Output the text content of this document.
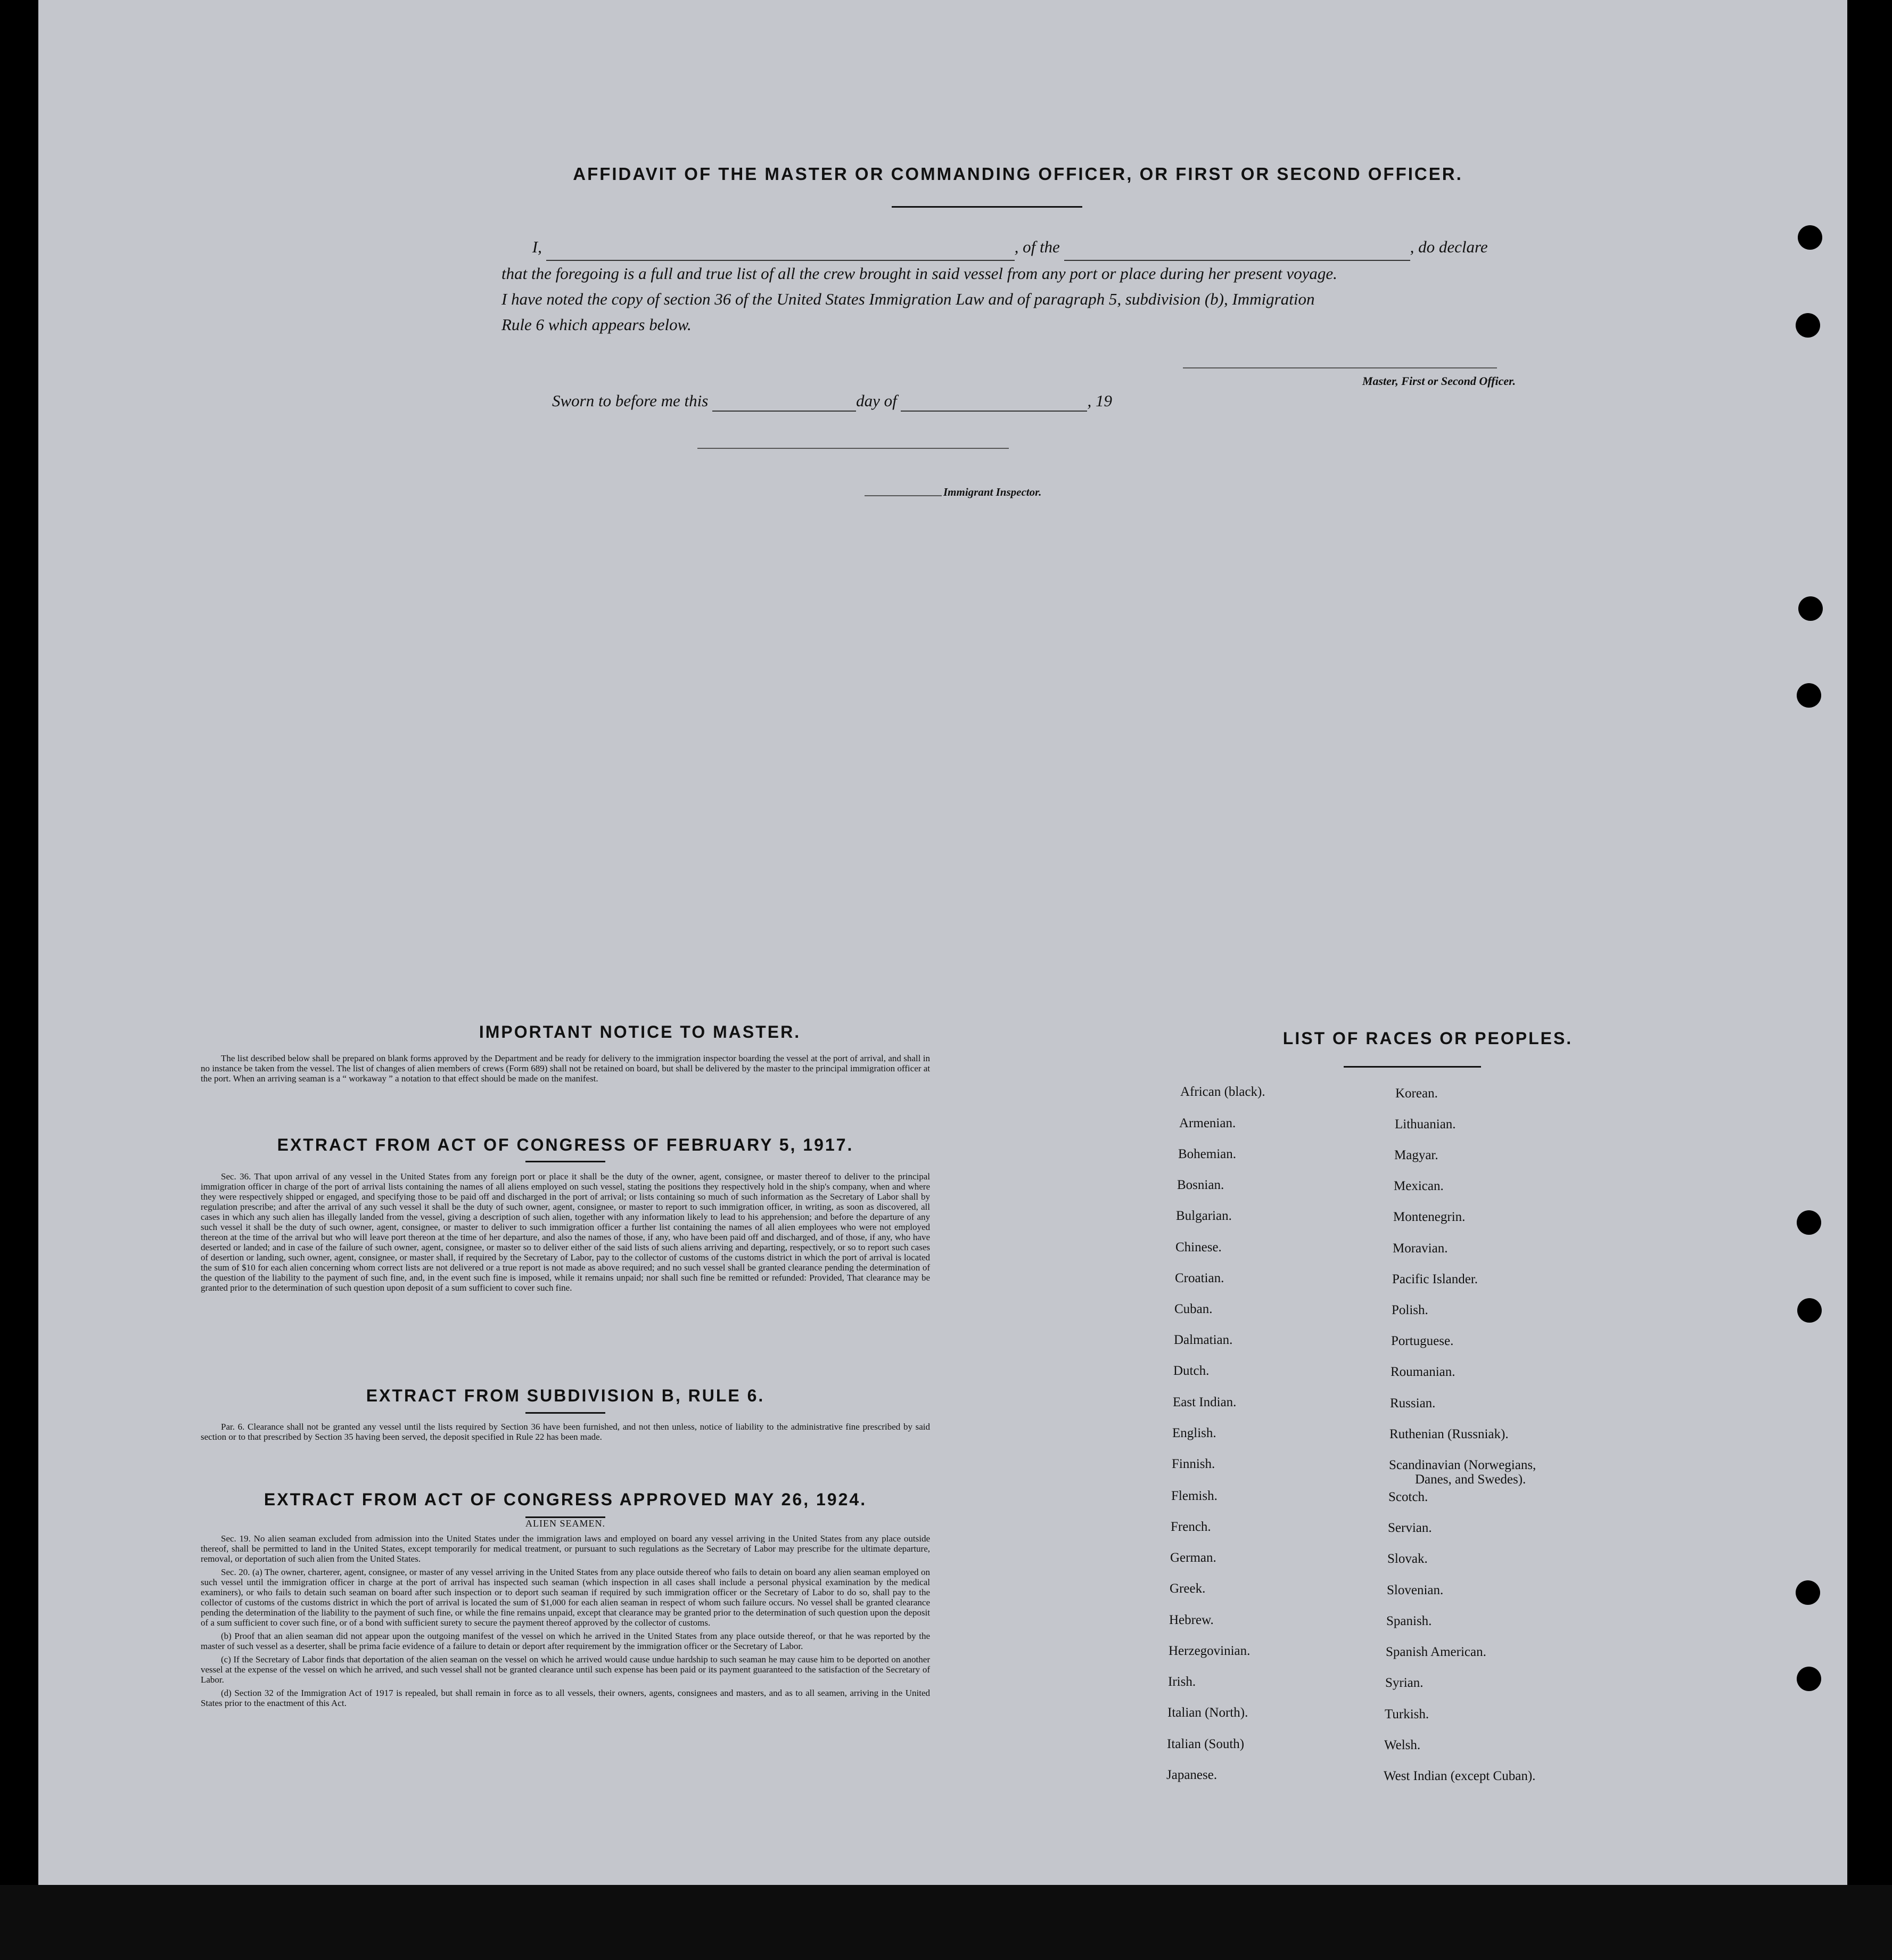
AFFIDAVIT OF THE MASTER OR COMMANDING OFFICER, OR FIRST OR SECOND OFFICER.
I,	, of the	, do declare
that the foregoing is a full and true list of all the crew brought in said vessel from any port or place during her present voyage.
I have noted the copy of section 36 of the United States Immigration Law and of paragraph 5, subdivision (b), Immigration
Rule 6 which appears below.
Master, First or Second Officer.
Sworn to before me this	day of	, 19
Immigrant Inspector.
IMPORTANT NOTICE TO MASTER.

The list described below shall be prepared on blank forms approved by the Department and be ready for delivery to the immigration inspector boarding the vessel at the port of arrival, and shall in no instance be taken from the vessel. The list of changes of alien members of crews (Form 689) shall not be retained on board, but shall be delivered by the master to the principal immigration officer at the port. When an arriving seaman is a “ workaway ” a notation to that effect should be made on the manifest.

EXTRACT FROM ACT OF CONGRESS OF FEBRUARY 5, 1917.

Sec. 36. That upon arrival of any vessel in the United States from any foreign port or place it shall be the duty of the owner, agent, consignee, or master thereof to deliver to the principal immigration officer in charge of the port of arrival lists containing the names of all aliens employed on such vessel, stating the positions they respectively hold in the ship's company, when and where they were respectively shipped or engaged, and specifying those to be paid off and discharged in the port of arrival; or lists containing so much of such information as the Secretary of Labor shall by regulation prescribe; and after the arrival of any such vessel it shall be the duty of such owner, agent, consignee, or master to report to such immigration officer, in writing, as soon as discovered, all cases in which any such alien has illegally landed from the vessel, giving a description of such alien, together with any information likely to lead to his apprehension; and before the departure of any such vessel it shall be the duty of such owner, agent, consignee, or master to deliver to such immigration officer a further list containing the names of all alien employees who were not employed thereon at the time of the arrival but who will leave port thereon at the time of her departure, and also the names of those, if any, who have been paid off and discharged, and of those, if any, who have deserted or landed; and in case of the failure of such owner, agent, consignee, or master so to deliver either of the said lists of such aliens arriving and departing, respectively, or so to report such cases of desertion or landing, such owner, agent, consignee, or master shall, if required by the Secretary of Labor, pay to the collector of customs of the customs district in which the port of arrival is located the sum of $10 for each alien concerning whom correct lists are not delivered or a true report is not made as above required; and no such vessel shall be granted clearance pending the determination of the question of the liability to the payment of such fine, and, in the event such fine is imposed, while it remains unpaid; nor shall such fine be remitted or refunded: Provided, That clearance may be granted prior to the determination of such question upon deposit of a sum sufficient to cover such fine.

EXTRACT FROM SUBDIVISION B, RULE 6.

Par. 6. Clearance shall not be granted any vessel until the lists required by Section 36 have been furnished, and not then unless, notice of liability to the administrative fine prescribed by said section or to that prescribed by Section 35 having been served, the deposit specified in Rule 22 has been made.

EXTRACT FROM ACT OF CONGRESS APPROVED MAY 26, 1924.
ALIEN SEAMEN.

Sec. 19. No alien seaman excluded from admission into the United States under the immigration laws and employed on board any vessel arriving in the United States from any place outside thereof, shall be permitted to land in the United States, except temporarily for medical treatment, or pursuant to such regulations as the Secretary of Labor may prescribe for the ultimate departure, removal, or deportation of such alien from the United States.

Sec. 20. (a) The owner, charterer, agent, consignee, or master of any vessel arriving in the United States from any place outside thereof who fails to detain on board any alien seaman employed on such vessel until the immigration officer in charge at the port of arrival has inspected such seaman (which inspection in all cases shall include a personal physical examination by the medical examiners), or who fails to detain such seaman on board after such inspection or to deport such seaman if required by such immigration officer or the Secretary of Labor to do so, shall pay to the collector of customs of the customs district in which the port of arrival is located the sum of $1,000 for each alien seaman in respect of whom such failure occurs. No vessel shall be granted clearance pending the determination of the liability to the payment of such fine, or while the fine remains unpaid, except that clearance may be granted prior to the determination of such question upon the deposit of a sum sufficient to cover such fine, or of a bond with sufficient surety to secure the payment thereof approved by the collector of customs.

(b) Proof that an alien seaman did not appear upon the outgoing manifest of the vessel on which he arrived in the United States from any place outside thereof, or that he was reported by the master of such vessel as a deserter, shall be prima facie evidence of a failure to detain or deport after requirement by the immigration officer or the Secretary of Labor.

(c) If the Secretary of Labor finds that deportation of the alien seaman on the vessel on which he arrived would cause undue hardship to such seaman he may cause him to be deported on another vessel at the expense of the vessel on which he arrived, and such vessel shall not be granted clearance until such expense has been paid or its payment guaranteed to the satisfaction of the Secretary of Labor.

(d) Section 32 of the Immigration Act of 1917 is repealed, but shall remain in force as to all vessels, their owners, agents, consignees and masters, and as to all seamen, arriving in the United States prior to the enactment of this Act.

LIST OF RACES OR PEOPLES.
African (black).
Armenian.
Bohemian.
Bosnian.
Bulgarian.
Chinese.
Croatian.
Cuban.
Dalmatian.
Dutch.
East Indian.
English.
Finnish.
Flemish.
French.
German.
Greek.
Hebrew.
Herzegovinian.
Irish.
Italian (North).
Italian (South)
Japanese.
Korean.
Lithuanian.
Magyar.
Mexican.
Montenegrin.
Moravian.
Pacific Islander.
Polish.
Portuguese.
Roumanian.
Russian.
Ruthenian (Russniak).
Scandinavian (Norwegians,
Danes, and Swedes).
Scotch.
Servian.
Slovak.
Slovenian.
Spanish.
Spanish American.
Syrian.
Turkish.
Welsh.
West Indian (except Cuban).
